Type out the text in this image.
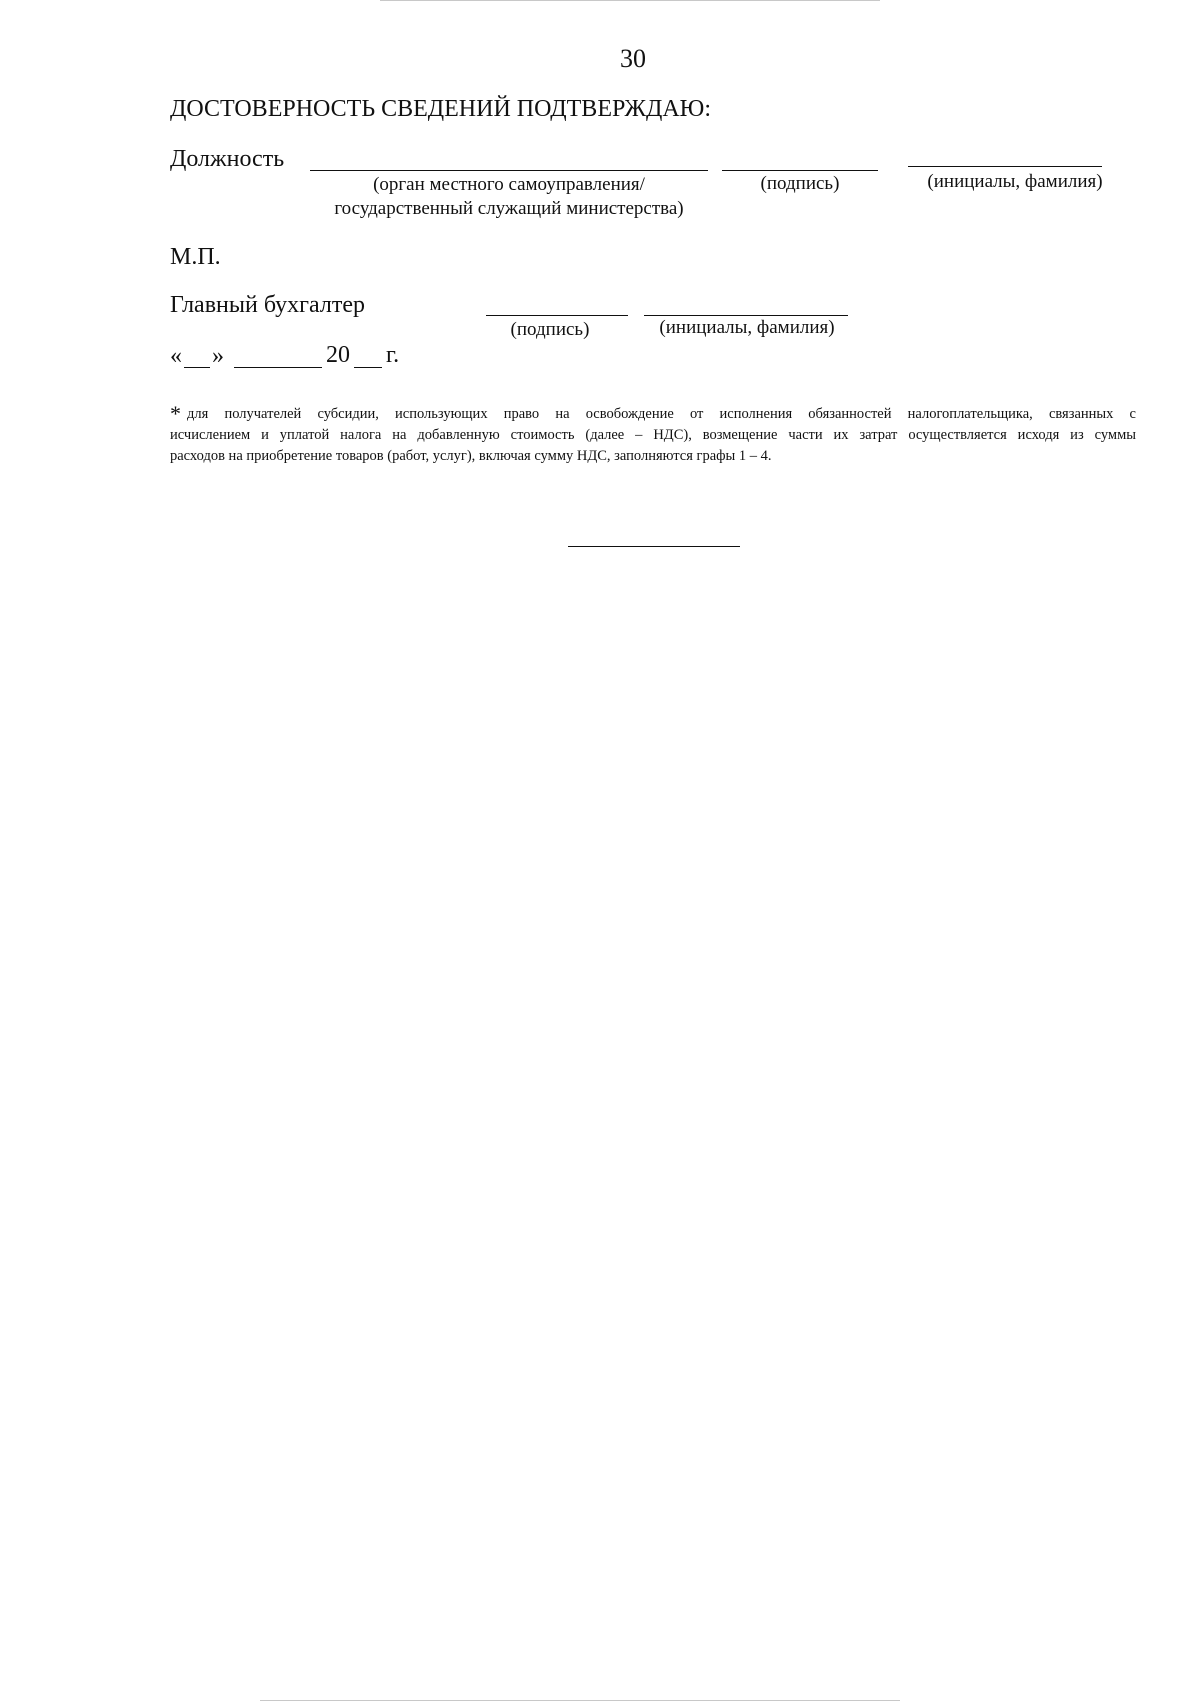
30
ДОСТОВЕРНОСТЬ СВЕДЕНИЙ ПОДТВЕРЖДАЮ:
Должность
(орган местного самоуправления/
государственный служащий министерства)
(подпись)	(инициалы, фамилия)
М.П.
Главный бухгалтер
(подпись)	(инициалы, фамилия)
« »	20 г.
* для получателей субсидии, использующих право на освобождение от исполнения обязанностей налогоплательщика, связанных с
исчислением и уплатой налога на добавленную стоимость (далее – НДС), возмещение части их затрат осуществляется исходя из суммы
расходов на приобретение товаров (работ, услуг), включая сумму НДС, заполняются графы 1 – 4.
